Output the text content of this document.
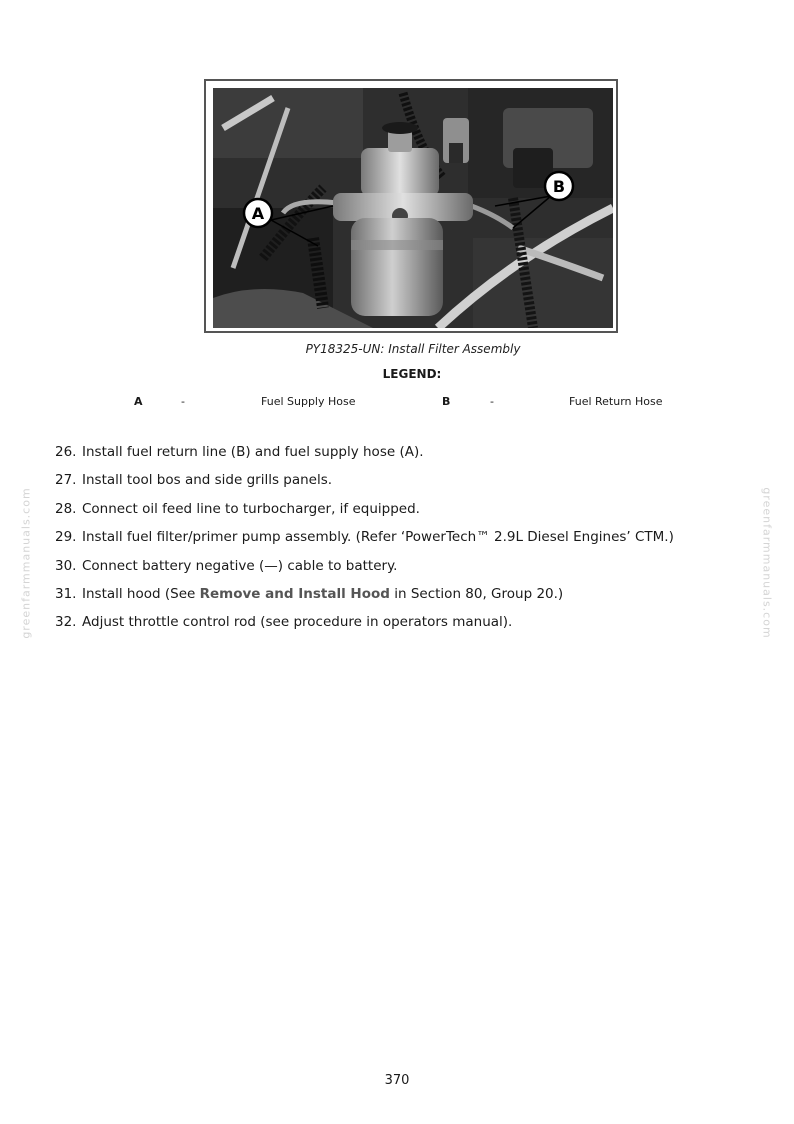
A
B
PY18325-UN: Install Filter Assembly
LEGEND:
A	-	Fuel Supply Hose	B	-	Fuel Return Hose
26. Install fuel return line (B) and fuel supply hose (A).
27. Install tool bos and side grills panels.
28. Connect oil feed line to turbocharger, if equipped.
29. Install fuel filter/primer pump assembly. (Refer ‘PowerTech™ 2.9L Diesel Engines’ CTM.)
30. Connect battery negative (—) cable to battery.
31. Install hood (See Remove and Install Hood in Section 80, Group 20.)
32. Adjust throttle control rod (see procedure in operators manual).
greenfarmmanuals.com	greenfarmmanuals.com
370
